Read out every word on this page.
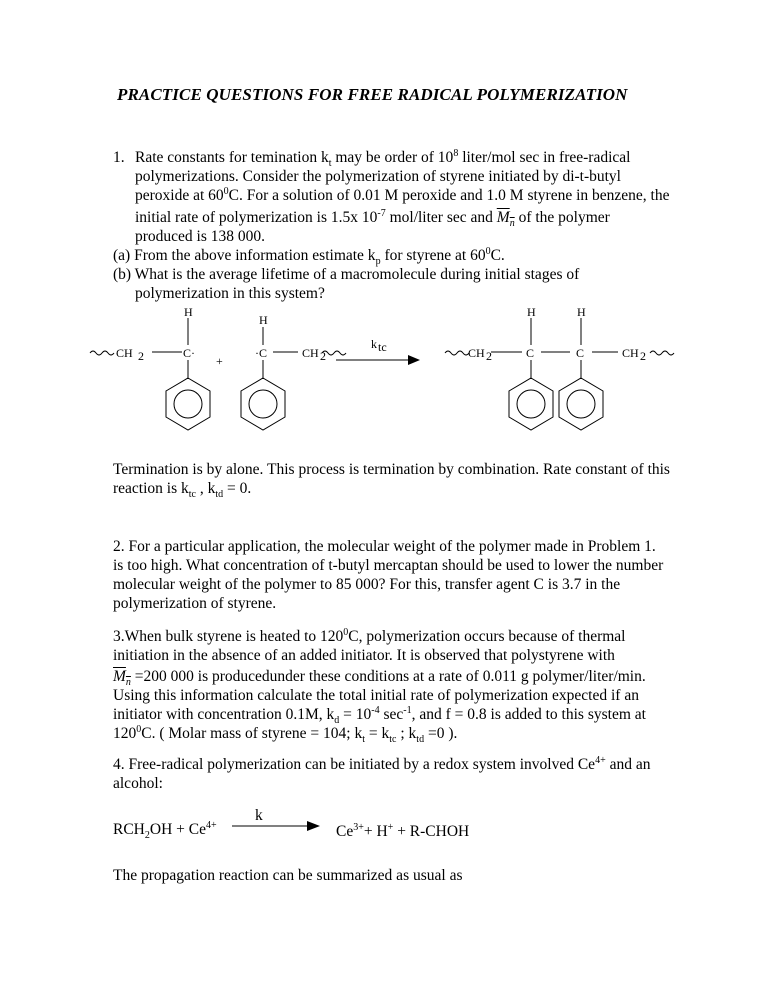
PRACTICE QUESTIONS FOR FREE RADICAL POLYMERIZATION
1. Rate constants for temination $k_t$ may be order of $10^8$ liter/mol sec in free-radical
polymerizations. Consider the polymerization of styrene initiated by di-t-butyl
peroxide at $60^0C$. For a solution of 0.01 M peroxide and 1.0 M styrene in benzene, the
initial rate of polymerization is 1.5x $10^{-7}$ mol/liter sec and $M_n$ of the polymer
produced is 138 000.
(a) From the above information estimate $k_p$ for styrene at $60^0C$.
(b) What is the average lifetime of a macromolecule during initial stages of
polymerization in this system?
H
H
H	H
CH 2	C·
+
·C	CH 2
k tc	CH 2	C	C	CH 2
Termination is by alone. This process is termination by combination. Rate constant of this
reaction is $k_{tc}$ , $k_{td} = 0$.
2. For a particular application, the molecular weight of the polymer made in Problem 1.
is too high. What concentration of t-butyl mercaptan should be used to lower the number
molecular weight of the polymer to 85 000? For this, transfer agent C is 3.7 in the
polymerization of styrene.
3.When bulk styrene is heated to $120^0C$, polymerization occurs because of thermal
initiation in the absence of an added initiator. It is observed that polystyrene with
$M_n =200$ 000 is producedunder these conditions at a rate of 0.011 g polymer/liter/min.
Using this information calculate the total initial rate of polymerization expected if an
initiator with concentration 0.1M, $k_d = 10^{-4}$ $\sec^{-1}$, and f = 0.8 is added to this system at
$120^0C$. ( Molar mass of styrene = 104; $k_t = k_{tc}$ ; $k_{td} =0$ ).
4. Free-radical polymerization can be initiated by a redox system involved $Ce^{4+}$ and an
alcohol:
$RCH_2OH + Ce^{4+}$
k
$Ce^{3+}+ H^+$ + R-CHOH
The propagation reaction can be summarized as usual as
